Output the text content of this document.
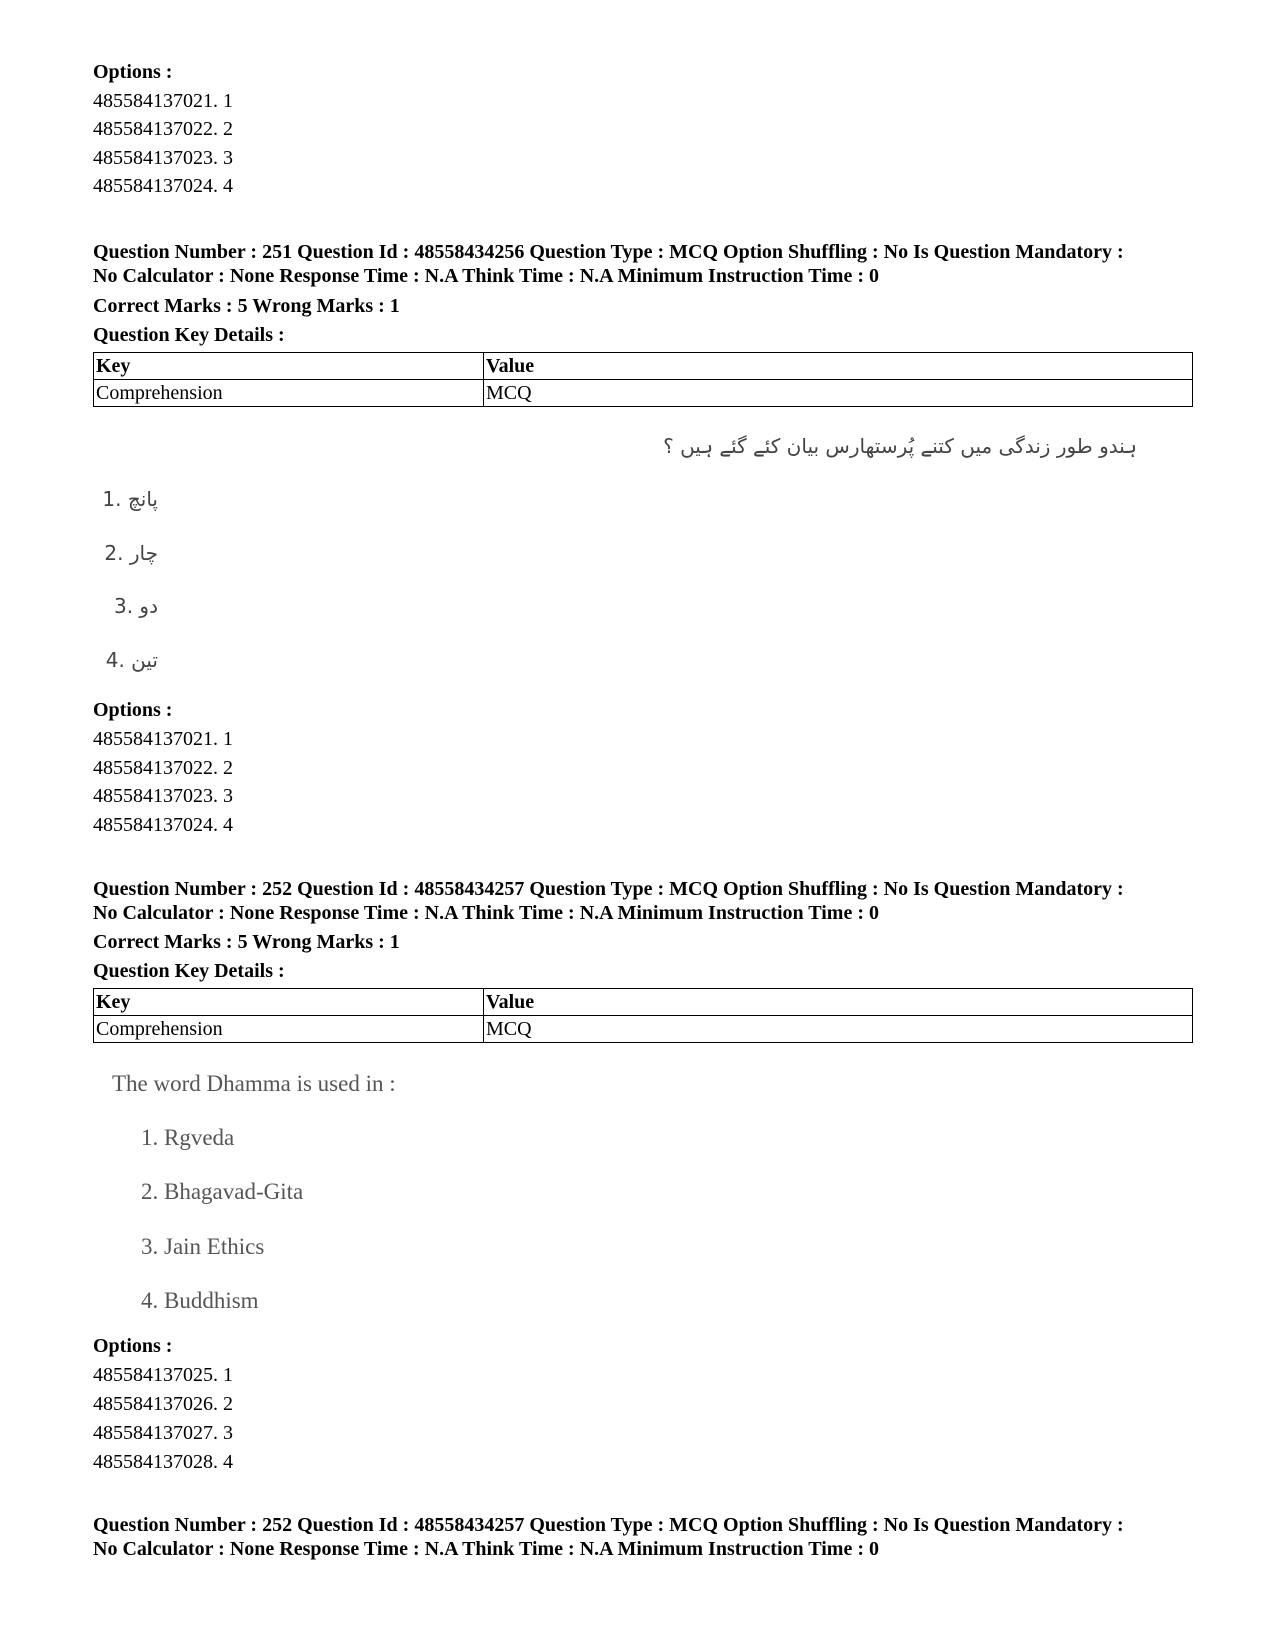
Options :
485584137021. 1
485584137022. 2
485584137023. 3
485584137024. 4
Question Number : 251 Question Id : 48558434256 Question Type : MCQ Option Shuffling : No Is Question Mandatory :
No Calculator : None Response Time : N.A Think Time : N.A Minimum Instruction Time : 0
Correct Marks : 5 Wrong Marks : 1
Question Key Details :
Key	Value
Comprehension	MCQ
ہندو طور زندگی میں کتنے پُرستھارس بیان کئے گئے ہیں ؟
پانچ .1
چار .2
دو .3
تین .4
Options :
485584137021. 1
485584137022. 2
485584137023. 3
485584137024. 4
Question Number : 252 Question Id : 48558434257 Question Type : MCQ Option Shuffling : No Is Question Mandatory :
No Calculator : None Response Time : N.A Think Time : N.A Minimum Instruction Time : 0
Correct Marks : 5 Wrong Marks : 1
Question Key Details :
Key	Value
Comprehension	MCQ
The word Dhamma is used in :
1. Rgveda
2. Bhagavad-Gita
3. Jain Ethics
4. Buddhism
Options :
485584137025. 1
485584137026. 2
485584137027. 3
485584137028. 4
Question Number : 252 Question Id : 48558434257 Question Type : MCQ Option Shuffling : No Is Question Mandatory :
No Calculator : None Response Time : N.A Think Time : N.A Minimum Instruction Time : 0
